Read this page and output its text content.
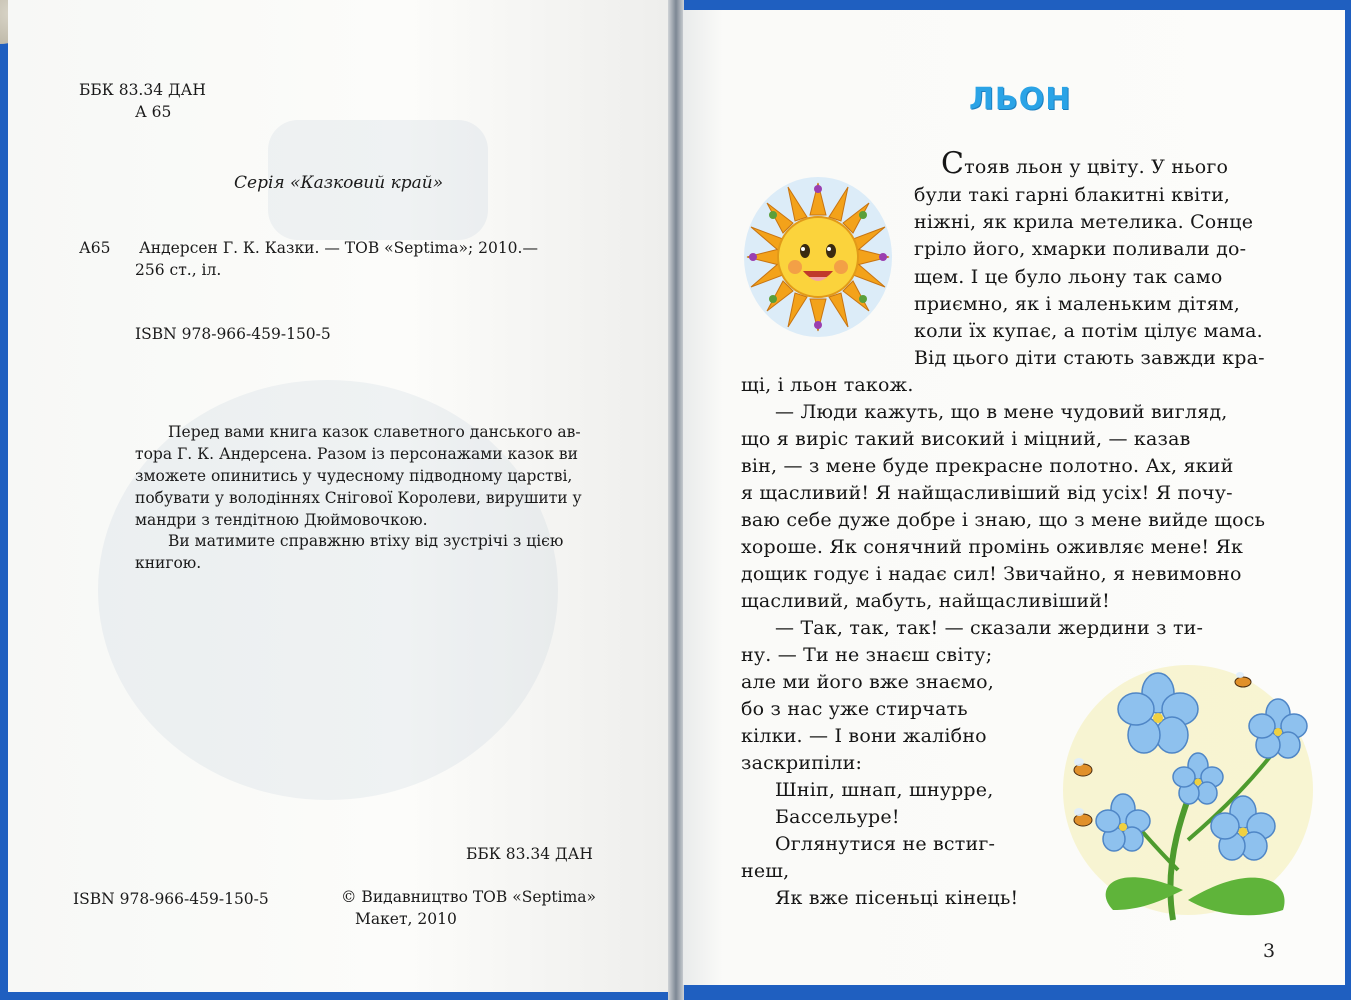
ББК 83.34 ДАН
А 65
Серія «Казковий край»
А65 Андерсен Г. К. Казки. — ТОВ «Septima»; 2010.—
256 ст., іл.
ISBN 978-966-459-150-5
Перед вами книга казок славетного данського ав-
тора Г. К. Андерсена. Разом із персонажами казок ви
зможете опинитись у чудесному підводному царстві,
побувати у володіннях Снігової Королеви, вирушити у
мандри з тендітною Дюймовочкою.
Ви матимите справжню втіху від зустрічі з цією
книгою.
ББК 83.34 ДАН
ISBN 978-966-459-150-5	© Видавництво ТОВ «Septima»
Макет, 2010
ЛЬОН
Стояв льон у цвіту. У нього
були такі гарні блакитні квіти,
ніжні, як крила метелика. Сонце
гріло його, хмарки поливали до-
щем. І це було льону так само
приємно, як і маленьким дітям,
коли їх купає, а потім цілує мама.
Від цього діти стають завжди кра-
щі, і льон також.
— Люди кажуть, що в мене чудовий вигляд,
що я виріс такий високий і міцний, — казав
він, — з мене буде прекрасне полотно. Ах, який
я щасливий! Я найщасливіший від усіх! Я почу-
ваю себе дуже добре і знаю, що з мене вийде щось
хороше. Як сонячний промінь оживляє мене! Як
дощик годує і надає сил! Звичайно, я невимовно
щасливий, мабуть, найщасливіший!
— Так, так, так! — сказали жердини з ти-
ну. — Ти не знаєш світу;
але ми його вже знаємо,
бо з нас уже стирчать
кілки. — І вони жалібно
заскрипіли:
Шніп, шнап, шнурре,
Бассельуре!
Оглянутися не встиг-
неш,
Як вже пісеньці кінець!
3
